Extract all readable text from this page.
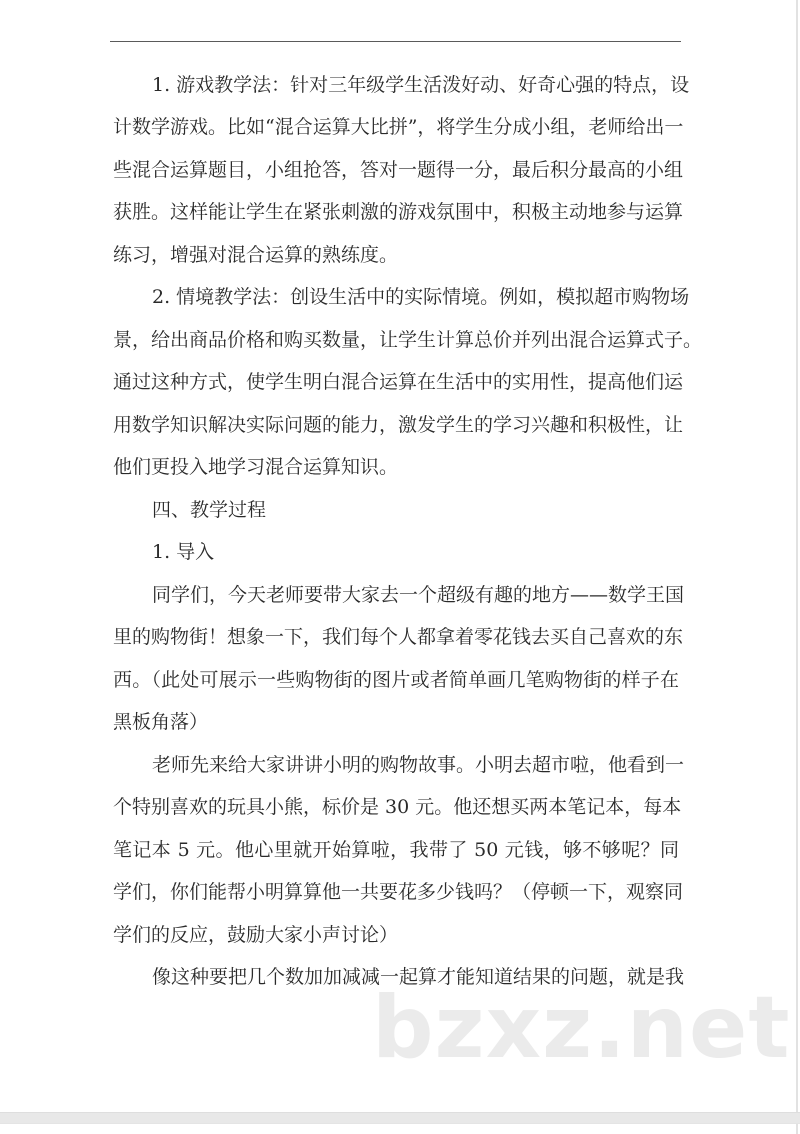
1. 游戏教学法：针对三年级学生活泼好动、好奇心强的特点，设
计数学游戏。比如“混合运算大比拼”，将学生分成小组，老师给出一
些混合运算题目，小组抢答，答对一题得一分，最后积分最高的小组
获胜。这样能让学生在紧张刺激的游戏氛围中，积极主动地参与运算
练习，增强对混合运算的熟练度。
2. 情境教学法：创设生活中的实际情境。例如，模拟超市购物场
景，给出商品价格和购买数量，让学生计算总价并列出混合运算式子。
通过这种方式，使学生明白混合运算在生活中的实用性，提高他们运
用数学知识解决实际问题的能力，激发学生的学习兴趣和积极性，让
他们更投入地学习混合运算知识。
四、教学过程
1. 导入
同学们，今天老师要带大家去一个超级有趣的地方——数学王国
里的购物街！想象一下，我们每个人都拿着零花钱去买自己喜欢的东
西。（此处可展示一些购物街的图片或者简单画几笔购物街的样子在
黑板角落）
老师先来给大家讲讲小明的购物故事。小明去超市啦，他看到一
个特别喜欢的玩具小熊，标价是 30 元。他还想买两本笔记本，每本
笔记本 5 元。他心里就开始算啦，我带了 50 元钱，够不够呢？同
学们，你们能帮小明算算他一共要花多少钱吗？（停顿一下，观察同
学们的反应，鼓励大家小声讨论）
像这种要把几个数加加减减一起算才能知道结果的问题，就是我
bzxz.net
